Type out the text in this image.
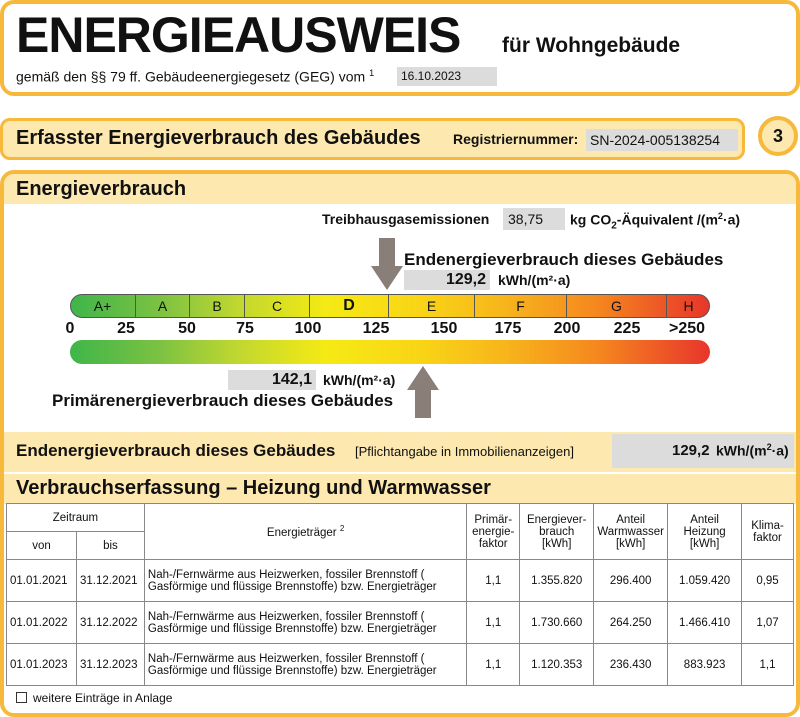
ENERGIEAUSWEIS für Wohngebäude
gemäß den §§ 79 ff. Gebäudeenergiegesetz (GEG) vom $^1$	16.10.2023
Erfasster Energieverbrauch des Gebäudes Registriernummer: SN-2024-005138254	3
Energieverbrauch
Treibhausgasemissionen	38,75	kg $CO_2$-Äquivalent $/(m^2\cdot a)$
Endenergieverbrauch dieses Gebäudes
129,2 kWh/(m²·a)
A+	A	B	C	D	E	F	G	H
0	25	50	75	100	125	150 175 200 225 >250
142,1 kWh/(m²·a)
Primärenergieverbrauch dieses Gebäudes
Endenergieverbrauch dieses Gebäudes [Pflichtangabe in Immobilienanzeigen]	129,2 kWh/$(m^2\cdot a)$
Verbrauchserfassung – Heizung und Warmwasser
Zeitraum		Energieträger $^2$	Primär-energie-faktor	Energiever-brauch [kWh]	Anteil Warmwasser [kWh]	Anteil Heizung [kWh]	Klima-faktor
von	bis						
01.01.2021	31.12.2021	Nah-/Fernwärme aus Heizwerken, fossiler Brennstoff ( Gasförmige und flüssige Brennstoffe) bzw. Energieträger	1,1	1.355.820	296.400	1.059.420	0,95
01.01.2022	31.12.2022	Nah-/Fernwärme aus Heizwerken, fossiler Brennstoff ( Gasförmige und flüssige Brennstoffe) bzw. Energieträger	1,1	1.730.660	264.250	1.466.410	1,07
01.01.2023	31.12.2023	Nah-/Fernwärme aus Heizwerken, fossiler Brennstoff ( Gasförmige und flüssige Brennstoffe) bzw. Energieträger	1,1	1.120.353	236.430	883.923	1,1
weitere Einträge in Anlage
